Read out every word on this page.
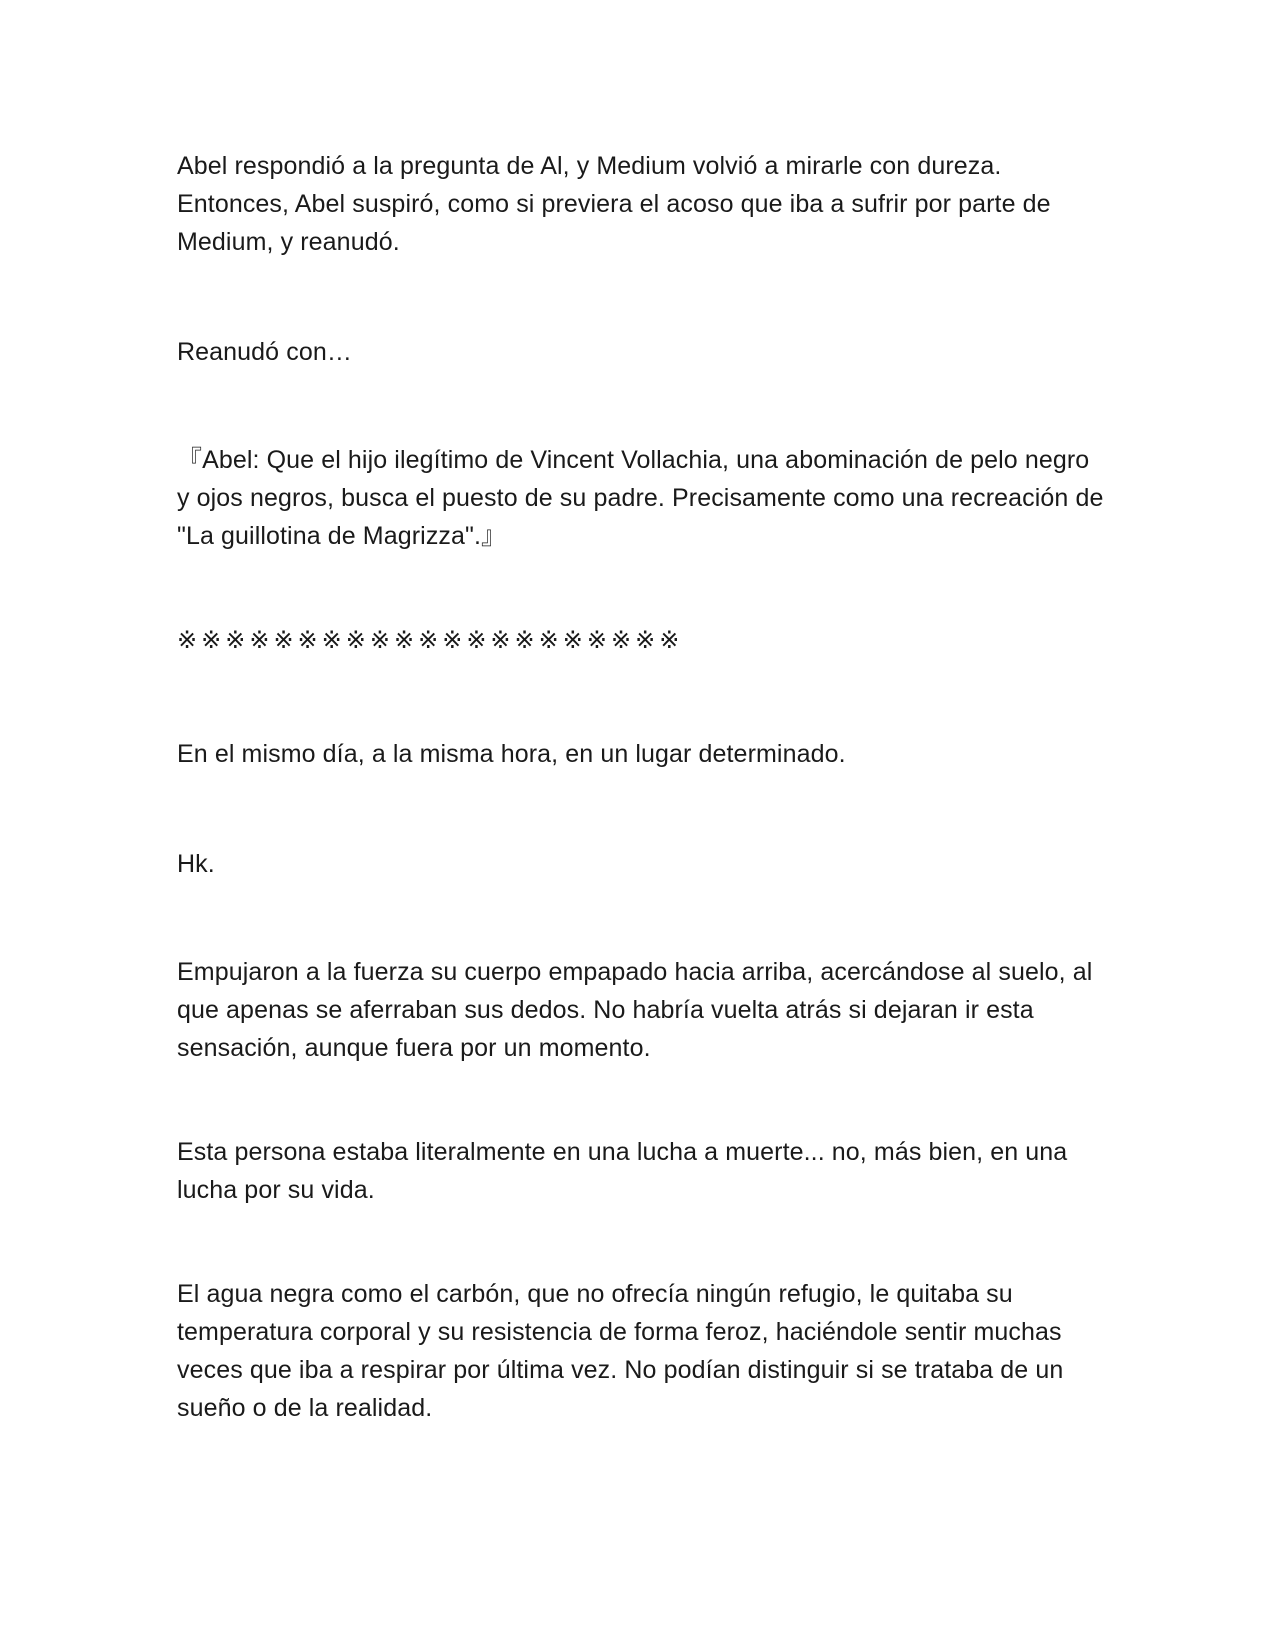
Abel respondió a la pregunta de Al, y Medium volvió a mirarle con dureza. Entonces, Abel suspiró, como si previera el acoso que iba a sufrir por parte de Medium, y reanudó.

Reanudó con…

『Abel: Que el hijo ilegítimo de Vincent Vollachia, una abominación de pelo negro y ojos negros, busca el puesto de su padre. Precisamente como una recreación de "La guillotina de Magrizza".』

※※※※※※※※※※※※※※※※※※※※※

En el mismo día, a la misma hora, en un lugar determinado.

Hk.

Empujaron a la fuerza su cuerpo empapado hacia arriba, acercándose al suelo, al que apenas se aferraban sus dedos. No habría vuelta atrás si dejaran ir esta sensación, aunque fuera por un momento.

Esta persona estaba literalmente en una lucha a muerte... no, más bien, en una lucha por su vida.

El agua negra como el carbón, que no ofrecía ningún refugio, le quitaba su temperatura corporal y su resistencia de forma feroz, haciéndole sentir muchas veces que iba a respirar por última vez. No podían distinguir si se trataba de un sueño o de la realidad.
